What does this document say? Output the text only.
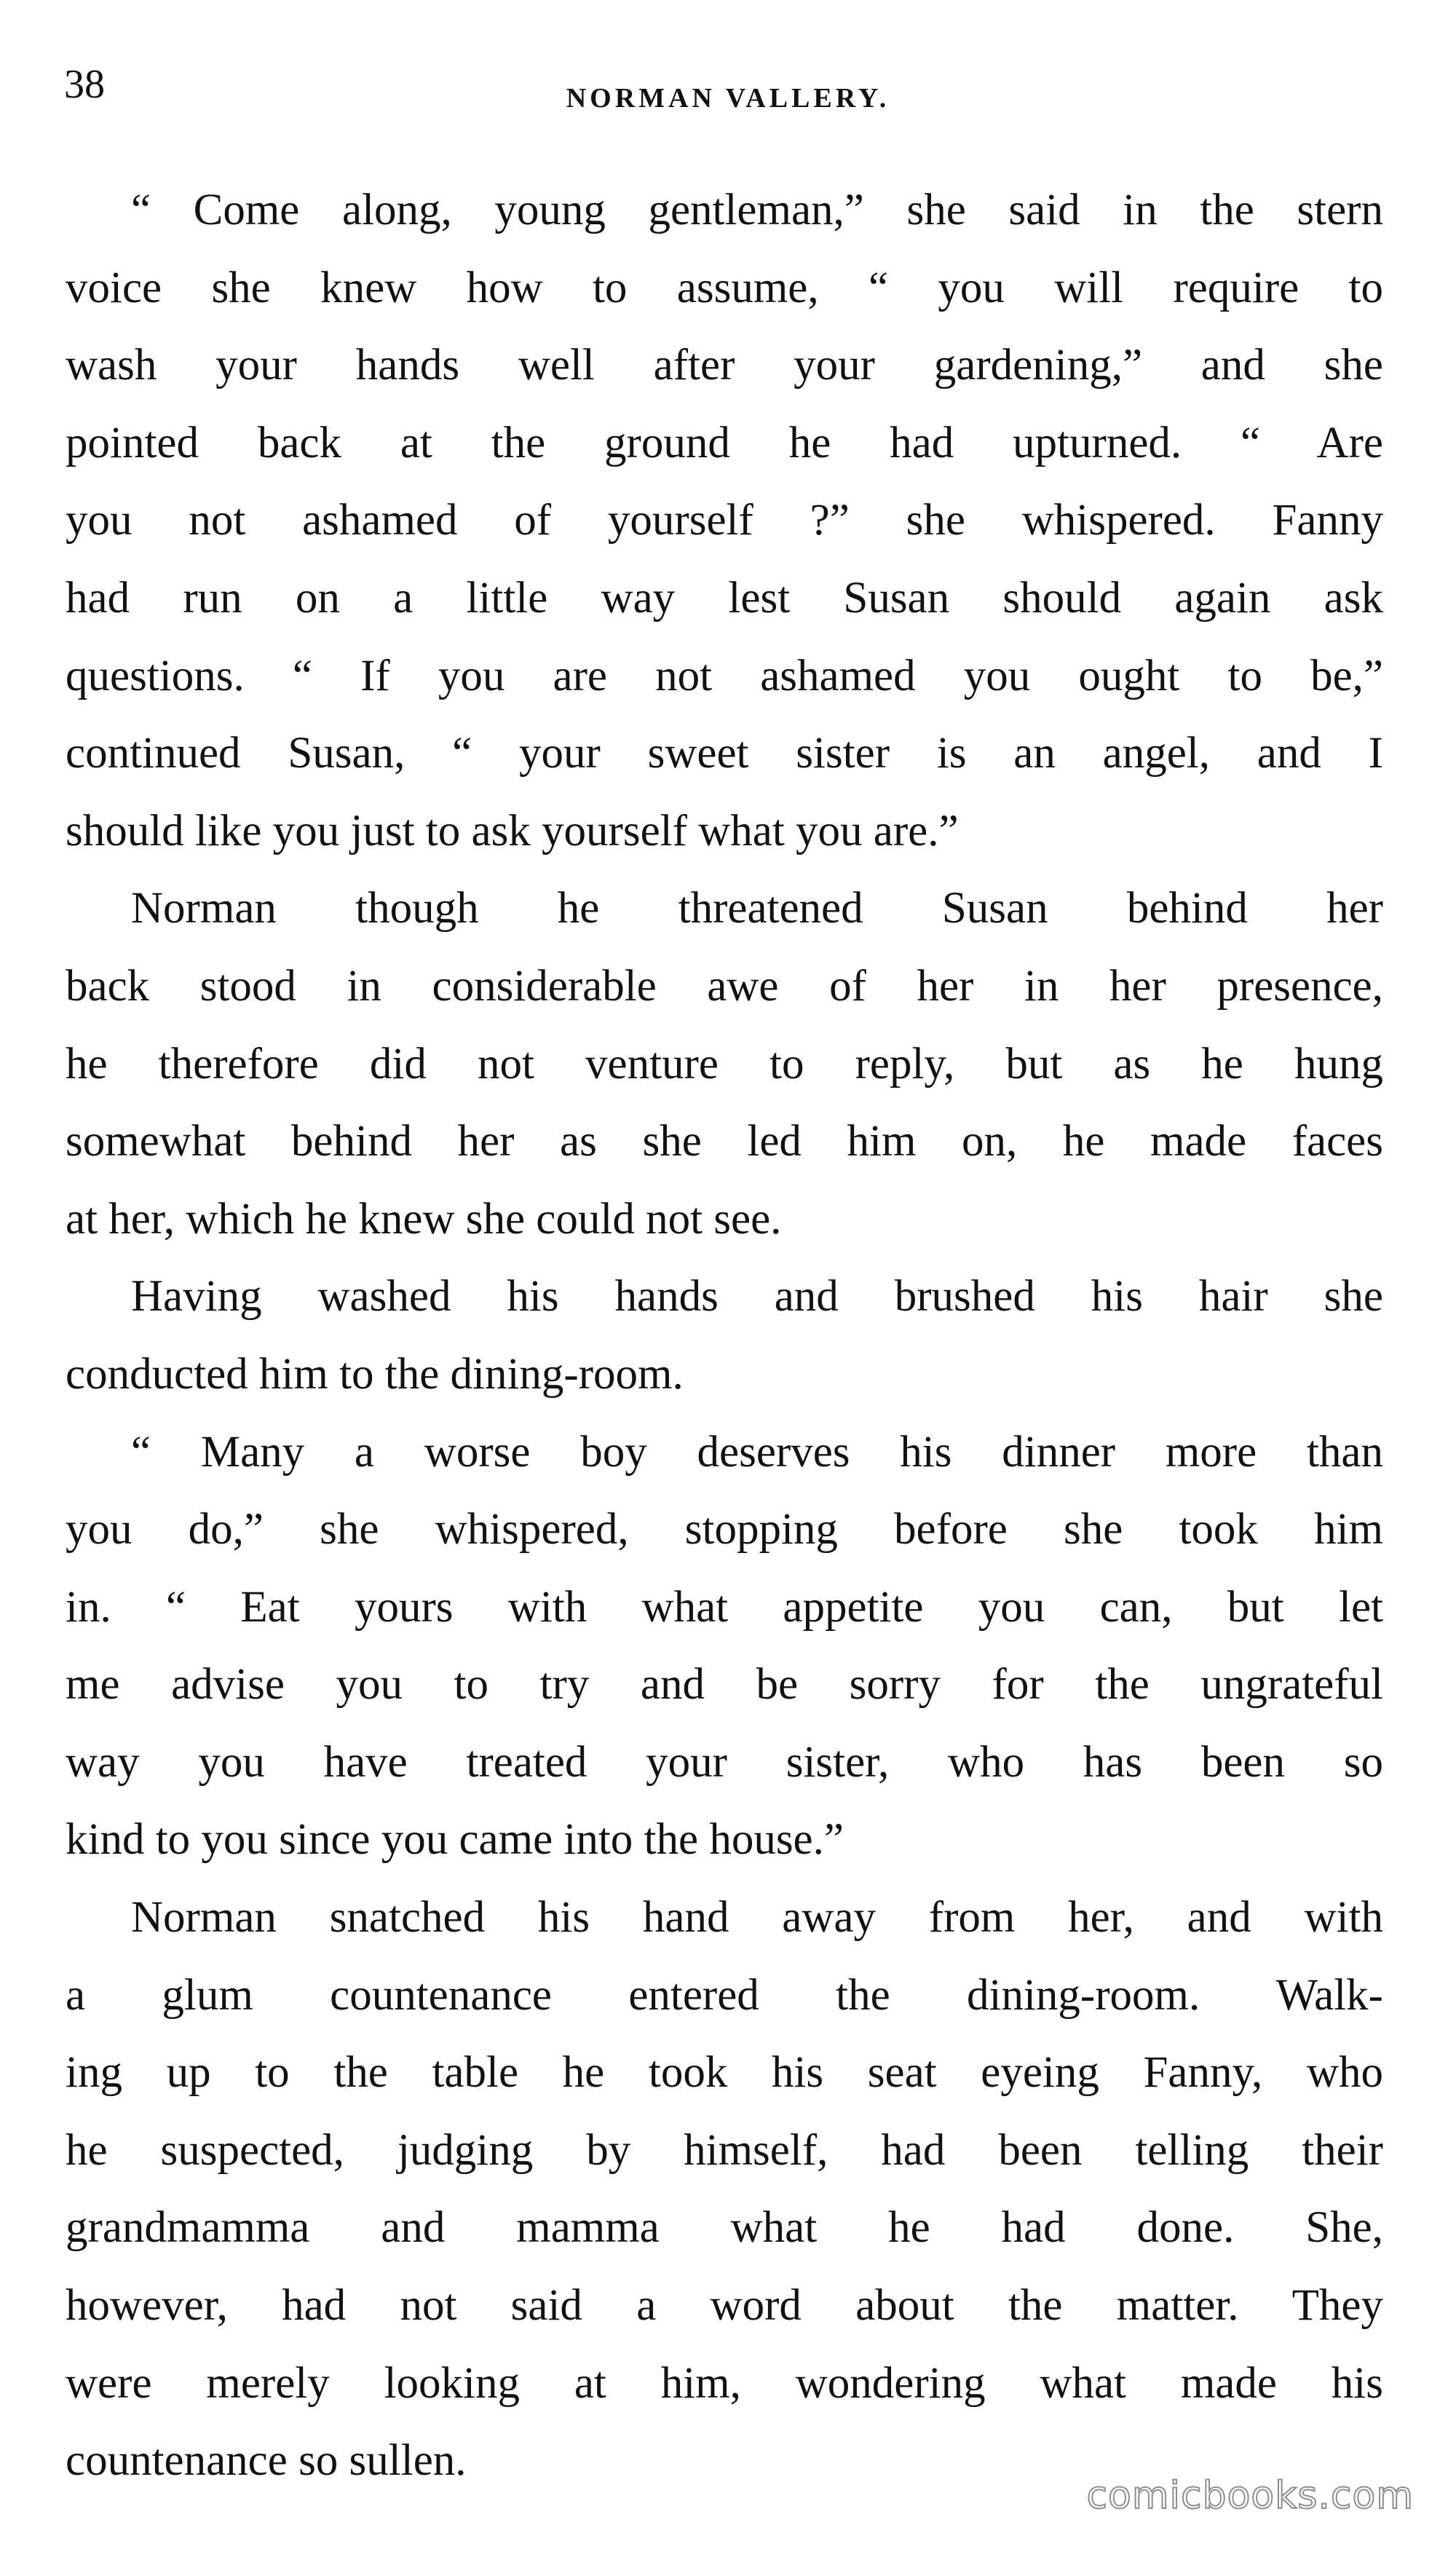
38	NORMAN VALLERY.
“ Come along, young gentleman,” she said in the stern
voice she knew how to assume, “ you will require to
wash your hands well after your gardening,” and she
pointed back at the ground he had upturned. “ Are
you not ashamed of yourself ?” she whispered. Fanny
had run on a little way lest Susan should again ask
questions. “ If you are not ashamed you ought to be,”
continued Susan, “ your sweet sister is an angel, and I
should like you just to ask yourself what you are.”
Norman though he threatened Susan behind her
back stood in considerable awe of her in her presence,
he therefore did not venture to reply, but as he hung
somewhat behind her as she led him on, he made faces
at her, which he knew she could not see.
Having washed his hands and brushed his hair she
conducted him to the dining-room.
“ Many a worse boy deserves his dinner more than
you do,” she whispered, stopping before she took him
in. “ Eat yours with what appetite you can, but let
me advise you to try and be sorry for the ungrateful
way you have treated your sister, who has been so
kind to you since you came into the house.”
Norman snatched his hand away from her, and with
a glum countenance entered the dining-room. Walk-
ing up to the table he took his seat eyeing Fanny, who
he suspected, judging by himself, had been telling their
grandmamma and mamma what he had done. She,
however, had not said a word about the matter. They
were merely looking at him, wondering what made his
countenance so sullen.
comicbooks.com
